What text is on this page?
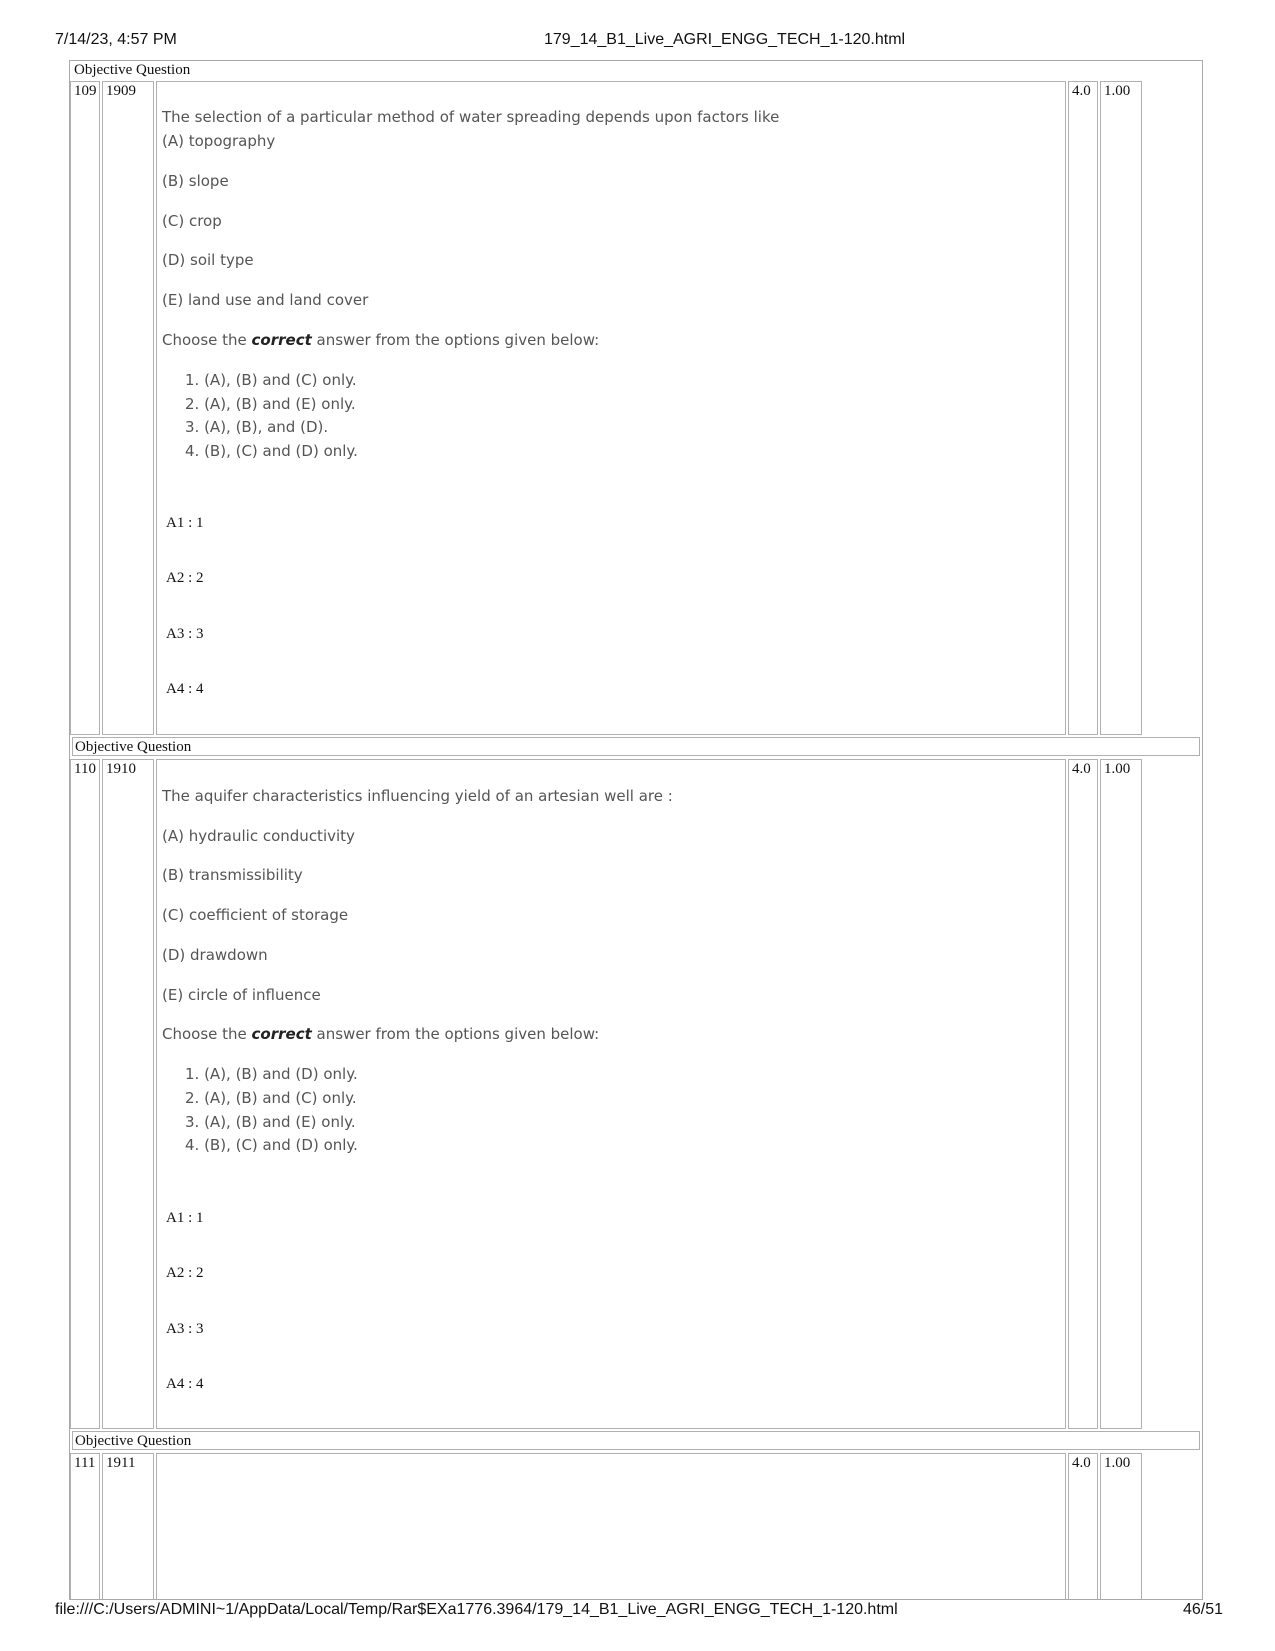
7/14/23, 4:57 PM	179_14_B1_Live_AGRI_ENGG_TECH_1-120.html
Objective Question
109 1909
The selection of a particular method of water spreading depends upon factors like
(A) topography
(B) slope
(C) crop
(D) soil type
(E) land use and land cover
Choose the correct answer from the options given below:
1. (A), (B) and (C) only.
2. (A), (B) and (E) only.
3. (A), (B), and (D).
4. (B), (C) and (D) only.
A1 : 1
A2 : 2
A3 : 3
A4 : 4
4.0 1.00
Objective Question
110 1910
The aquifer characteristics influencing yield of an artesian well are :
(A) hydraulic conductivity
(B) transmissibility
(C) coefficient of storage
(D) drawdown
(E) circle of influence
Choose the correct answer from the options given below:
1. (A), (B) and (D) only.
2. (A), (B) and (C) only.
3. (A), (B) and (E) only.
4. (B), (C) and (D) only.
A1 : 1
A2 : 2
A3 : 3
A4 : 4
4.0 1.00
Objective Question
111 1911	4.0 1.00
file:///C:/Users/ADMINI~1/AppData/Local/Temp/Rar$EXa1776.3964/179_14_B1_Live_AGRI_ENGG_TECH_1-120.html	46/51
